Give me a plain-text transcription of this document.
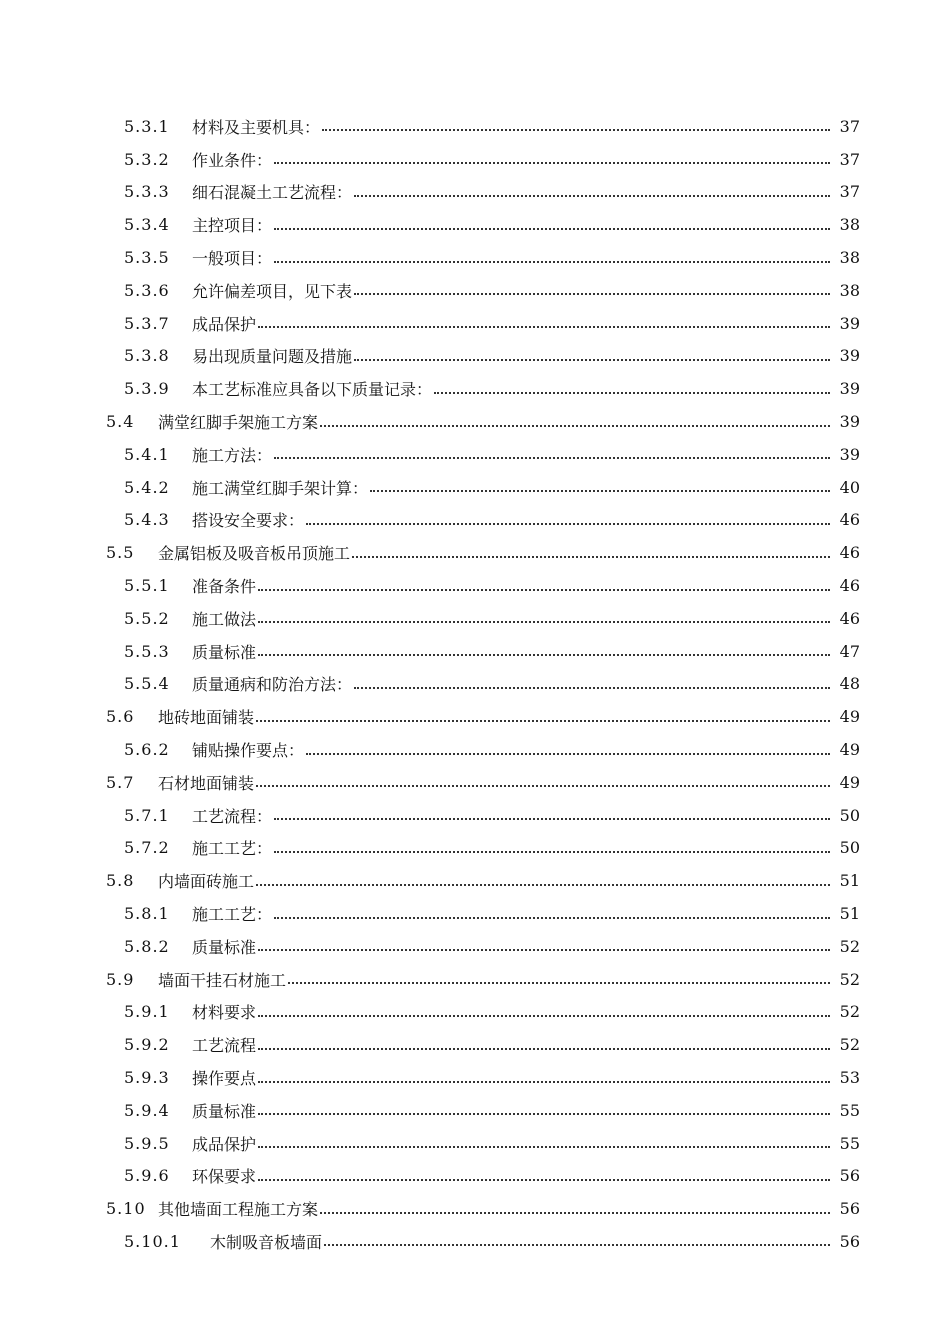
5.3.1	材料及主要机具：	37
5.3.2	作业条件：	37
5.3.3	细石混凝土工艺流程：	37
5.3.4	主控项目：	38
5.3.5	一般项目：	38
5.3.6	允许偏差项目，见下表	38
5.3.7	成品保护	39
5.3.8	易出现质量问题及措施	39
5.3.9	本工艺标准应具备以下质量记录：	39
5.4	满堂红脚手架施工方案	39
5.4.1	施工方法：	39
5.4.2	施工满堂红脚手架计算：	40
5.4.3	搭设安全要求：	46
5.5	金属铝板及吸音板吊顶施工	46
5.5.1	准备条件	46
5.5.2	施工做法	46
5.5.3	质量标准	47
5.5.4	质量通病和防治方法：	48
5.6	地砖地面铺装	49
5.6.2	铺贴操作要点：	49
5.7	石材地面铺装	49
5.7.1	工艺流程：	50
5.7.2	施工工艺：	50
5.8	内墙面砖施工	51
5.8.1	施工工艺：	51
5.8.2	质量标准	52
5.9	墙面干挂石材施工	52
5.9.1	材料要求	52
5.9.2	工艺流程	52
5.9.3	操作要点	53
5.9.4	质量标准	55
5.9.5	成品保护	55
5.9.6	环保要求	56
5.10 其他墙面工程施工方案	56
5.10.1	木制吸音板墙面	56
